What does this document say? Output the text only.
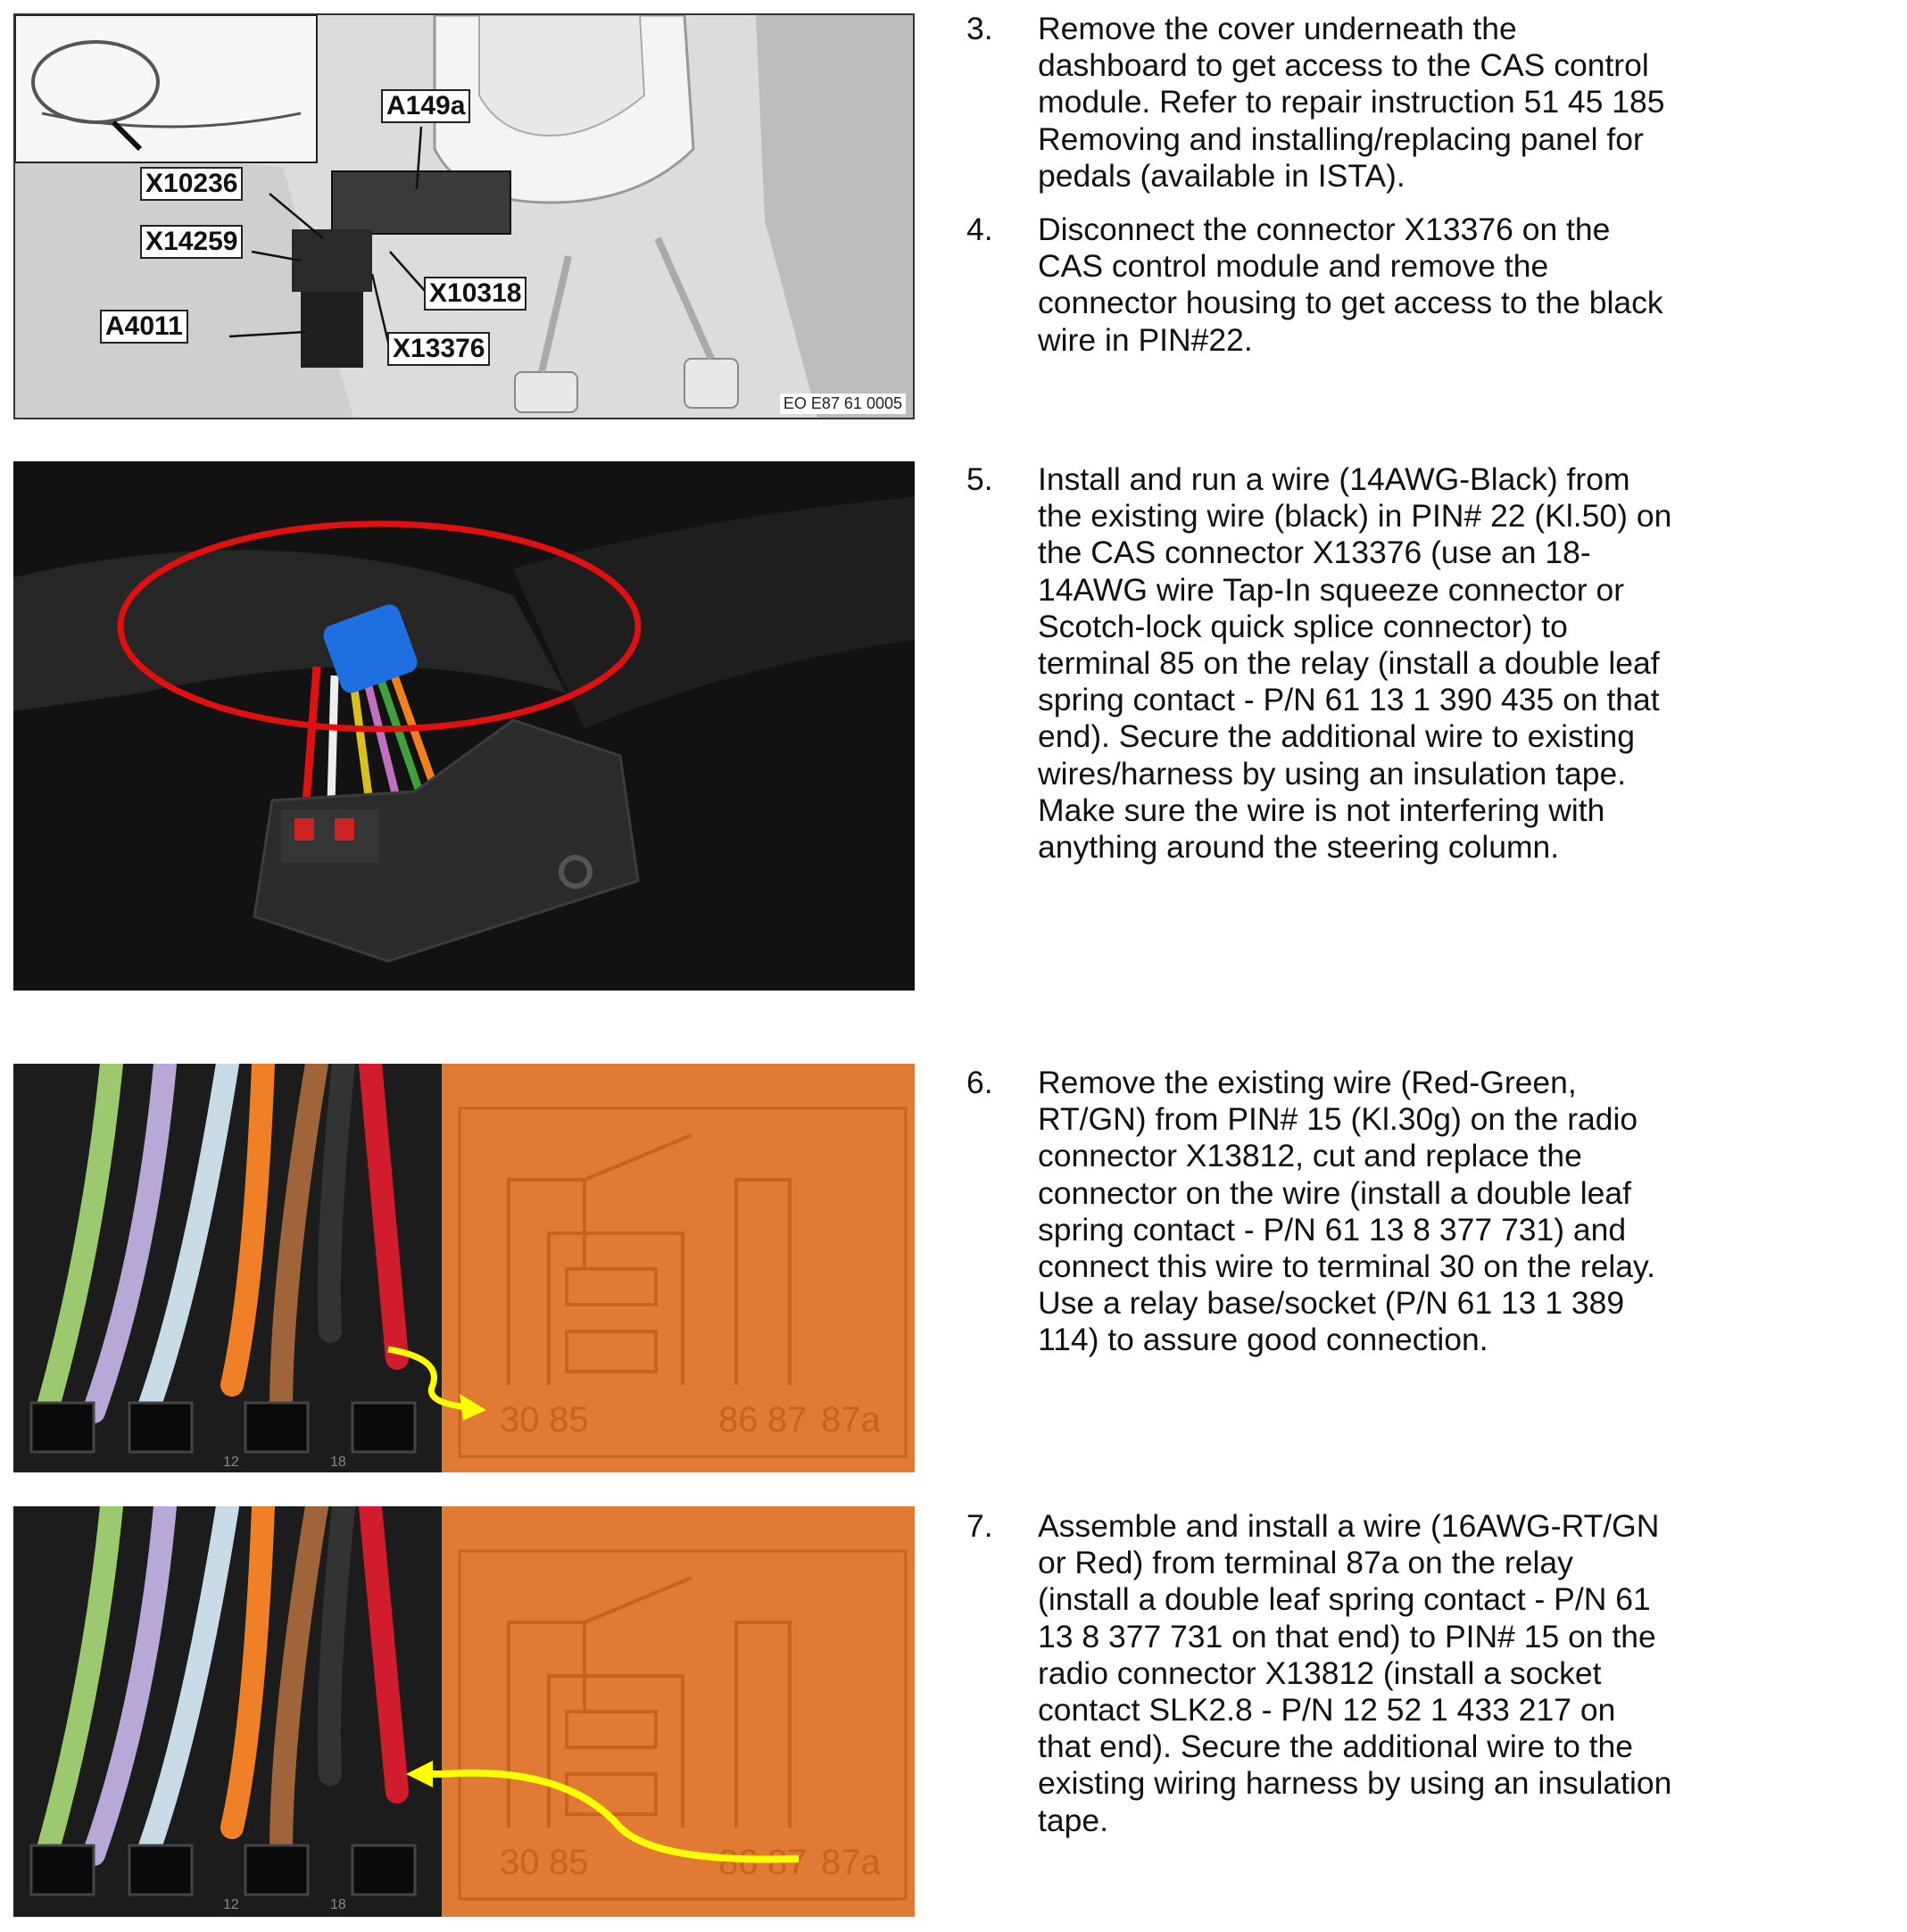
A149a
X10236
X14259
X10318
A4011
X13376
EO E87 61 0005
12	18
30 85	86 87 87a
12	18
30 85	86 87 87a
3. Remove the cover underneath the
dashboard to get access to the CAS control
module. Refer to repair instruction 51 45 185
Removing and installing/replacing panel for
pedals (available in ISTA).
4. Disconnect the connector X13376 on the
CAS control module and remove the
connector housing to get access to the black
wire in PIN#22.
5. Install and run a wire (14AWG-Black) from
the existing wire (black) in PIN# 22 (Kl.50) on
the CAS connector X13376 (use an 18-
14AWG wire Tap-In squeeze connector or
Scotch-lock quick splice connector) to
terminal 85 on the relay (install a double leaf
spring contact - P/N 61 13 1 390 435 on that
end). Secure the additional wire to existing
wires/harness by using an insulation tape.
Make sure the wire is not interfering with
anything around the steering column.
6. Remove the existing wire (Red-Green,
RT/GN) from PIN# 15 (Kl.30g) on the radio
connector X13812, cut and replace the
connector on the wire (install a double leaf
spring contact - P/N 61 13 8 377 731) and
connect this wire to terminal 30 on the relay.
Use a relay base/socket (P/N 61 13 1 389
114) to assure good connection.
7. Assemble and install a wire (16AWG-RT/GN
or Red) from terminal 87a on the relay
(install a double leaf spring contact - P/N 61
13 8 377 731 on that end) to PIN# 15 on the
radio connector X13812 (install a socket
contact SLK2.8 - P/N 12 52 1 433 217 on
that end). Secure the additional wire to the
existing wiring harness by using an insulation
tape.
